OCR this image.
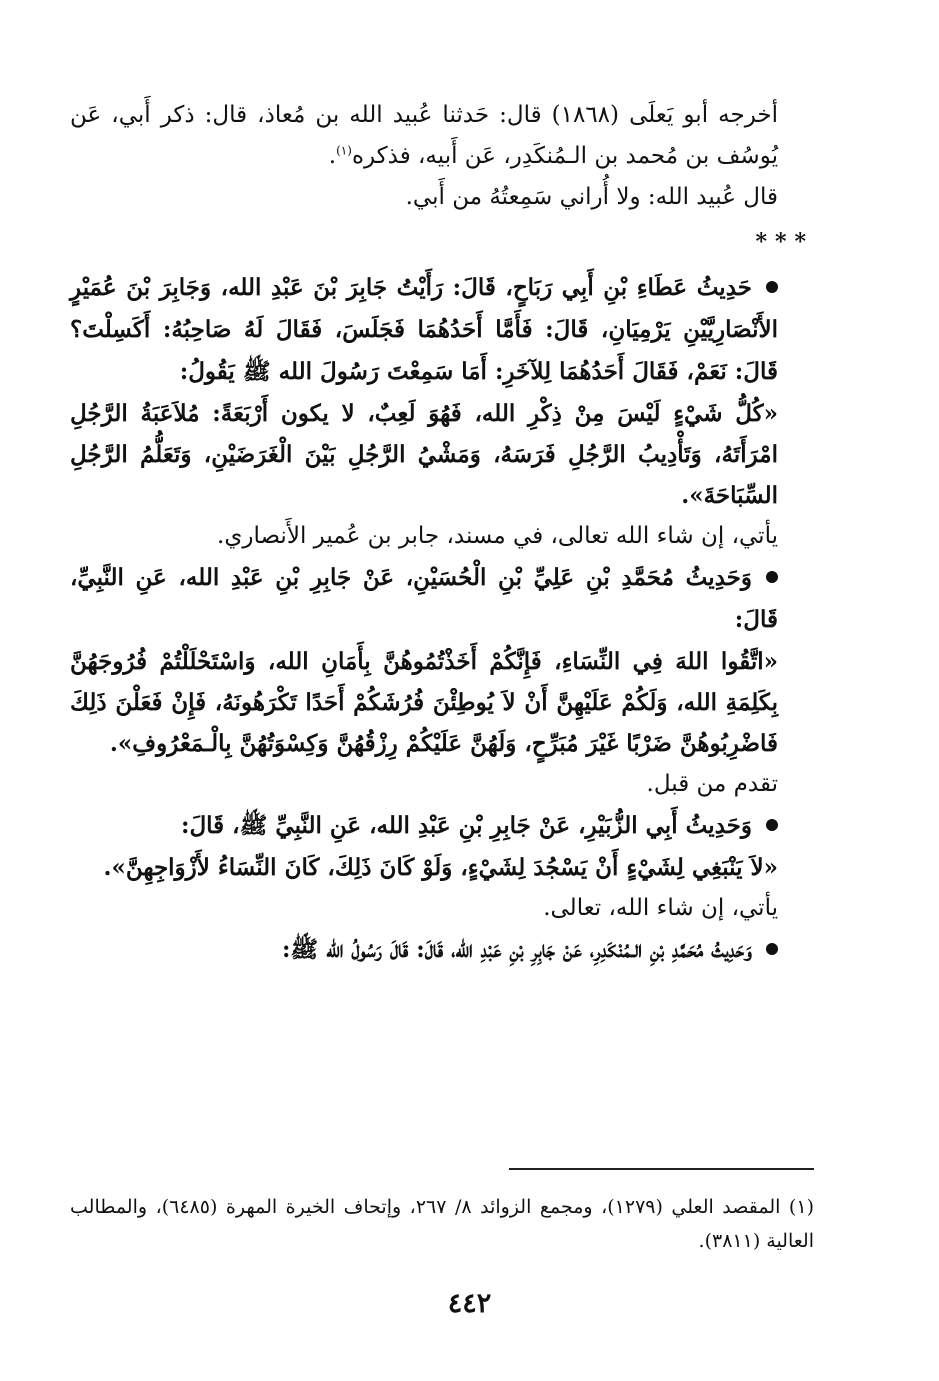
أخرجه أبو يَعلَى (١٨٦٨) قال: حَدثنا عُبيد الله بن مُعاذ، قال: ذكر أَبي، عَن يُوسُف بن مُحمد بن الـمُنكَدِر، عَن أَبيه، فذكره$^{(١)}$.

قال عُبيد الله: ولا أُراني سَمِعتُهُ من أَبي.

***

حَدِيثُ عَطَاءِ بْنِ أَبِي رَبَاحٍ، قَالَ: رَأَيْتُ جَابِرَ بْنَ عَبْدِ الله، وَجَابِرَ بْنَ عُمَيْرٍ الأَنْصَارِيَّيْنِ يَرْمِيَانِ، قَالَ: فَأَمَّا أَحَدُهُمَا فَجَلَسَ، فَقَالَ لَهُ صَاحِبُهُ: أَكَسِلْتَ؟ قَالَ: نَعَمْ، فَقَالَ أَحَدُهُمَا لِلآخَرِ: أَمَا سَمِعْتَ رَسُولَ الله ﷺ يَقُولُ:

«كُلُّ شَيْءٍ لَيْسَ مِنْ ذِكْرِ الله، فَهُوَ لَعِبٌ، لا يكون أَرْبَعَةً: مُلاَعَبَةُ الرَّجُلِ امْرَأَتَهُ، وَتَأْدِيبُ الرَّجُلِ فَرَسَهُ، وَمَشْيُ الرَّجُلِ بَيْنَ الْغَرَضَيْنِ، وَتَعَلُّمُ الرَّجُلِ السِّبَاحَةَ».

يأتي، إن شاء الله تعالى، في مسند، جابر بن عُمير الأَنصاري.

وَحَدِيثُ مُحَمَّدِ بْنِ عَلِيِّ بْنِ الْحُسَيْنِ، عَنْ جَابِرِ بْنِ عَبْدِ الله، عَنِ النَّبِيِّ، قَالَ:

«اتَّقُوا اللهَ فِي النِّسَاءِ، فَإِنَّكُمْ أَخَذْتُمُوهُنَّ بِأَمَانِ الله، وَاسْتَحْلَلْتُمْ فُرُوجَهُنَّ بِكَلِمَةِ الله، وَلَكُمْ عَلَيْهِنَّ أَنْ لاَ يُوطِئْنَ فُرُشَكُمْ أَحَدًا تَكْرَهُونَهُ، فَإِنْ فَعَلْنَ ذَلِكَ فَاضْرِبُوهُنَّ ضَرْبًا غَيْرَ مُبَرِّحٍ، وَلَهُنَّ عَلَيْكُمْ رِزْقُهُنَّ وَكِسْوَتُهُنَّ بِالْـمَعْرُوفِ».

تقدم من قبل.

وَحَدِيثُ أَبِي الزُّبَيْرِ، عَنْ جَابِرِ بْنِ عَبْدِ الله، عَنِ النَّبِيِّ ﷺ، قَالَ:

«لاَ يَنْبَغِي لِشَيْءٍ أَنْ يَسْجُدَ لِشَيْءٍ، وَلَوْ كَانَ ذَلِكَ، كَانَ النِّسَاءُ لأَزْوَاجِهِنَّ».

يأتي، إن شاء الله، تعالى.

وَحَدِيثُ مُحَمَّدِ بْنِ الـمُنْكَدِرِ، عَنْ جَابِرِ بْنِ عَبْدِ الله، قَالَ: قَالَ رَسُولُ الله ﷺ:

(١) المقصد العلي (١٢٧٩)، ومجمع الزوائد ٨/ ٢٦٧، وإتحاف الخيرة المهرة (٦٤٨٥)، والمطالب العالية (٣٨١١).
٤٤٢
